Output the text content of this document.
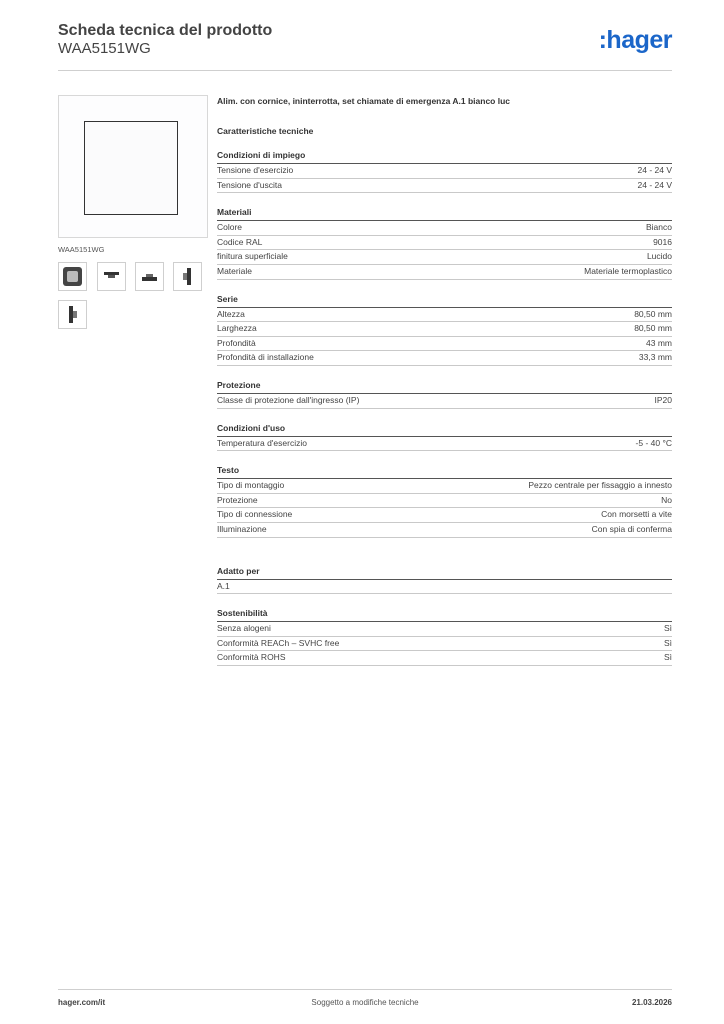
Scheda tecnica del prodotto
WAA5151WG	:hager
WAA5151WG
Alim. con cornice, ininterrotta, set chiamate di emergenza A.1 bianco luc
Caratteristiche tecniche
Condizioni di impiego
Tensione d'esercizio	24 - 24 V
Tensione d'uscita	24 - 24 V
Materiali
Colore	Bianco
Codice RAL	9016
finitura superficiale	Lucido
Materiale	Materiale termoplastico
Serie
Altezza	80,50 mm
Larghezza	80,50 mm
Profondità	43 mm
Profondità di installazione	33,3 mm
Protezione
Classe di protezione dall'ingresso (IP)	IP20
Condizioni d'uso
Temperatura d'esercizio	-5 - 40 °C
Testo
Tipo di montaggio	Pezzo centrale per fissaggio a innesto
Protezione	No
Tipo di connessione	Con morsetti a vite
Illuminazione	Con spia di conferma
Adatto per
A.1
Sostenibilità
Senza alogeni	Sì
Conformità REACh – SVHC free	Sì
Conformità ROHS	Sì
hager.com/it	Soggetto a modifiche tecniche	21.03.2026
